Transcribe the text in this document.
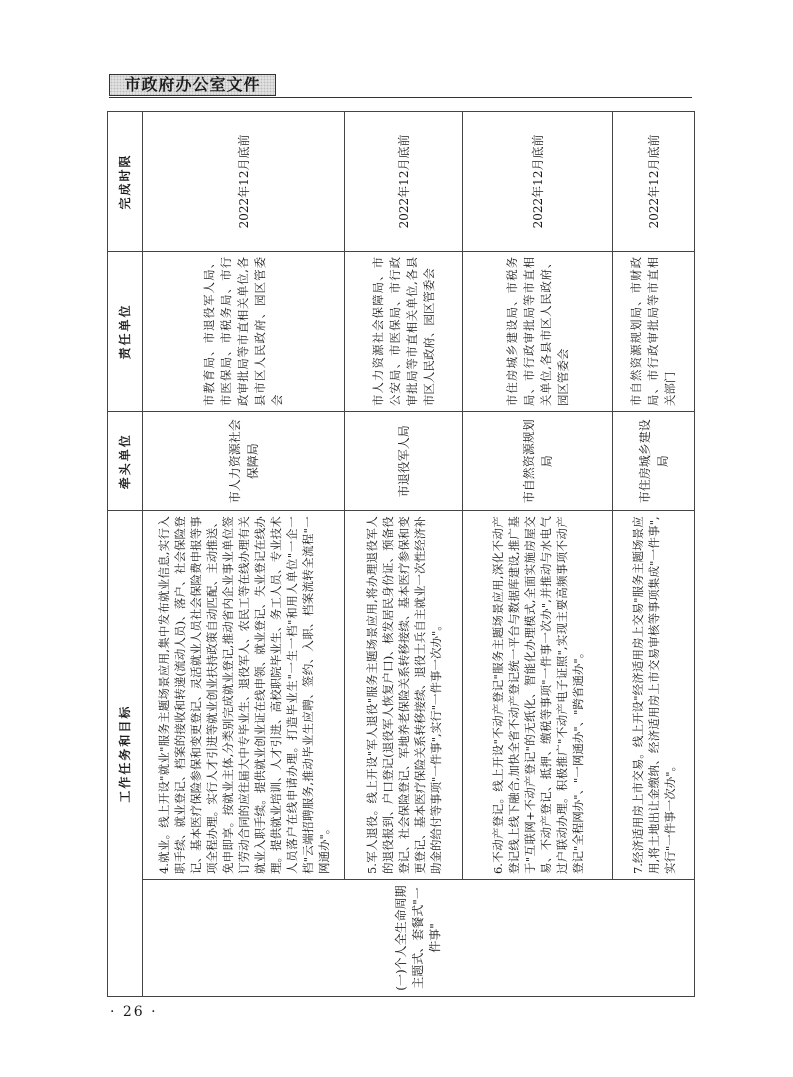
市政府办公室文件
工作任务和目标		牵头单位	责任单位	完成时限
(一)个人全生命周期主题式、套餐式"一件事"	4.就业。线上开设"就业"服务主题场景应用,集中发布就业信息,实行入职手续、就业登记、档案的接收和转递(流动人员)、落户、社会保险登记、基本医疗保险参保和变更登记、灵活就业人员社会保险费申报等事项全程办理。实行人才引进等就业创业扶持政策自动匹配、主动推送、免申即享。按就业主体,分类别完成就业登记,推动省内企业事业单位签订劳动合同的应往届大中专毕业生、退役军人、农民工等在线办理有关就业入职手续。提供就业创业证在线申领、就业登记、失业登记在线办理。提供就业培训、人才引进、高校职院毕业生、务工人员、专业技术人员落户在线申请办理。打造毕业生"一生一档"和用人单位"一企一档"云端招聘服务,推动毕业生应聘、签约、入职、档案流转全流程"一网通办"。	市人力资源社会保障局	市教育局、市退役军人局、市医保局、市税务局、市行政审批局等市直相关单位,各县市区人民政府、园区管委会	2022年12月底前
	5.军人退役。线上开设"军人退役"服务主题场景应用,将办理退役军人的退役报到、户口登记(退役军人恢复户口)、核发居民身份证、预备役登记、社会保险登记、军地养老保险关系转移接续、基本医疗参保和变更登记、基本医疗保险关系转移接续、退役士兵自主就业一次性经济补助金的给付等事项"一件事",实行"一件事一次办"。	市退役军人局	市人力资源社会保障局、市公安局、市医保局、市行政审批局等市直相关单位,各县市区人民政府、园区管委会	2022年12月底前
	6.不动产登记。线上开设"不动产登记"服务主题场景应用,深化不动产登记线上线下融合,加快全省不动产登记统一平台与数据库建设,推广基于"互联网+不动产登记"的无纸化、智能化办理模式,全面实施房屋交易、不动产登记、抵押、缴税等事项"一件事一次办",并推动与水电气过户联动办理。积极推广"不动产电子证照",实现主要高频事项不动产登记"全程网办"、"一网通办"、"跨省通办"。	市自然资源规划局	市住房城乡建设局、市税务局、市行政审批局等市直相关单位,各县市区人民政府、园区管委会	2022年12月底前
	7.经济适用房上市交易。线上开设"经济适用房上交易"服务主题场景应用,将土地出让金缴纳、经济适用房上市交易审核等事项集成"一件事",实行"一件事一次办"。	市住房城乡建设局	市自然资源规划局、市财政局、市行政审批局等市直相关部门	2022年12月底前
· 26 ·
